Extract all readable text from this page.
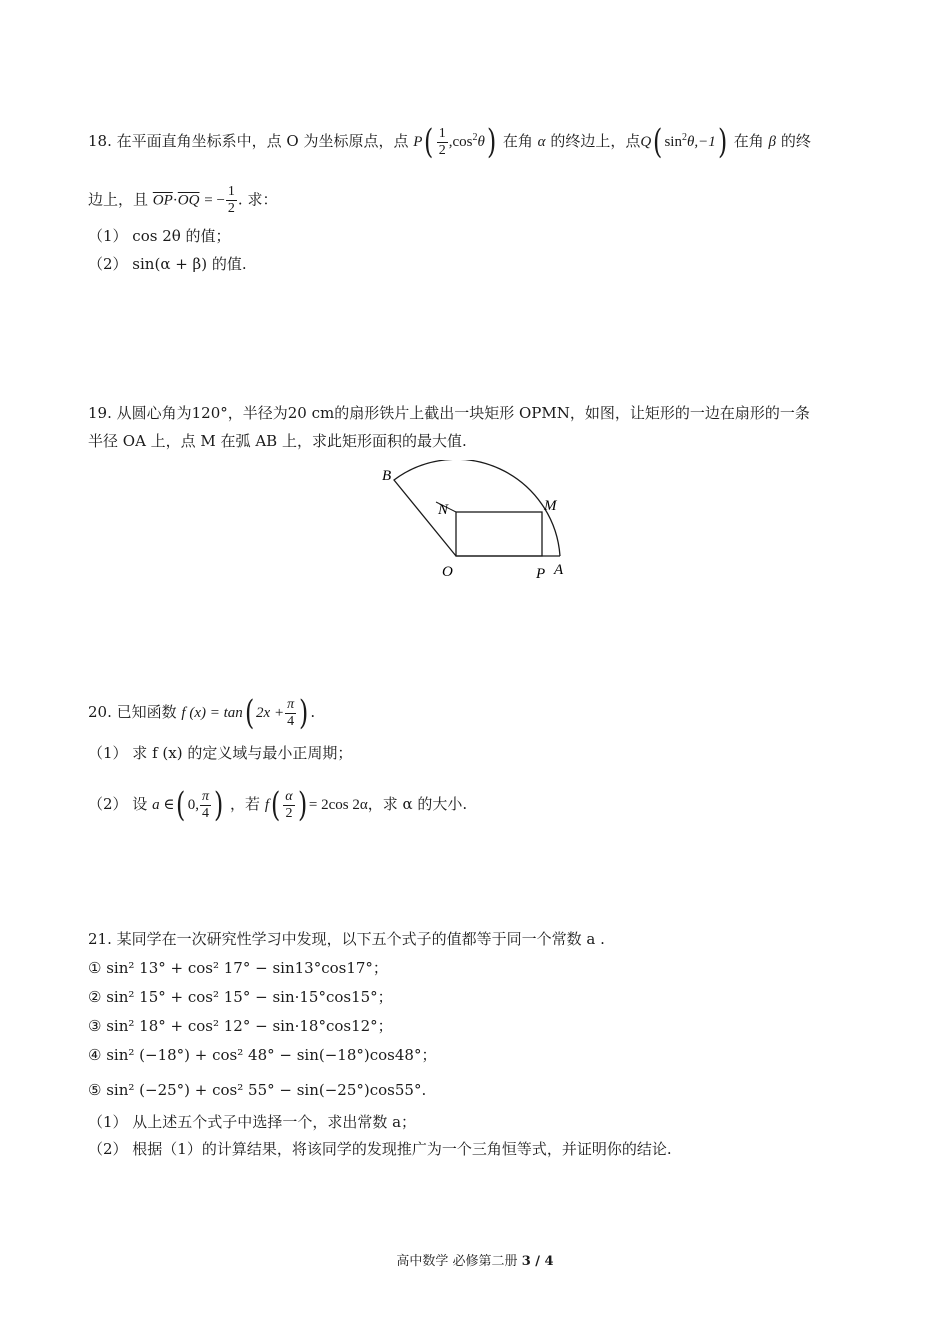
18. 在平面直角坐标系中，点 O 为坐标原点，点 $P( \frac{1}{2} ,\cos^2\theta)$ 在角 α 的终边上，点Q( $\sin^2\theta,-1$) 在角 β 的终
边上，且 $\overline{OP}\cdot\overline{OQ}$ = − $\frac{1}{2}$ . 求：
（1） cos 2θ 的值；
（2） sin(α + β) 的值.
19. 从圆心角为120°，半径为20 cm的扇形铁片上截出一块矩形 OPMN，如图，让矩形的一边在扇形的一条
半径 OA 上，点 M 在弧 AB 上，求此矩形面积的最大值.
B
N	M
O	P A
20. 已知函数 f (x) = tan( $2x + \frac{\pi}{4}$ ) .
（1） 求 f (x) 的定义域与最小正周期；
（2） 设 a ∈( 0, $\frac{\pi}{4}$ ) ，若 $f( \frac{\alpha}{2}$ ) = 2cos 2α，求 α 的大小.
21. 某同学在一次研究性学习中发现，以下五个式子的值都等于同一个常数 a .
① sin² 13° + cos² 17° − sin13°cos17°；
② sin² 15° + cos² 15° − sin·15°cos15°；
③ sin² 18° + cos² 12° − sin·18°cos12°；
④ sin² (−18°) + cos² 48° − sin(−18°)cos48°；
⑤ sin² (−25°) + cos² 55° − sin(−25°)cos55°.
（1） 从上述五个式子中选择一个，求出常数 a；
（2） 根据（1）的计算结果，将该同学的发现推广为一个三角恒等式，并证明你的结论.
高中数学 必修第二册 3 / 4
